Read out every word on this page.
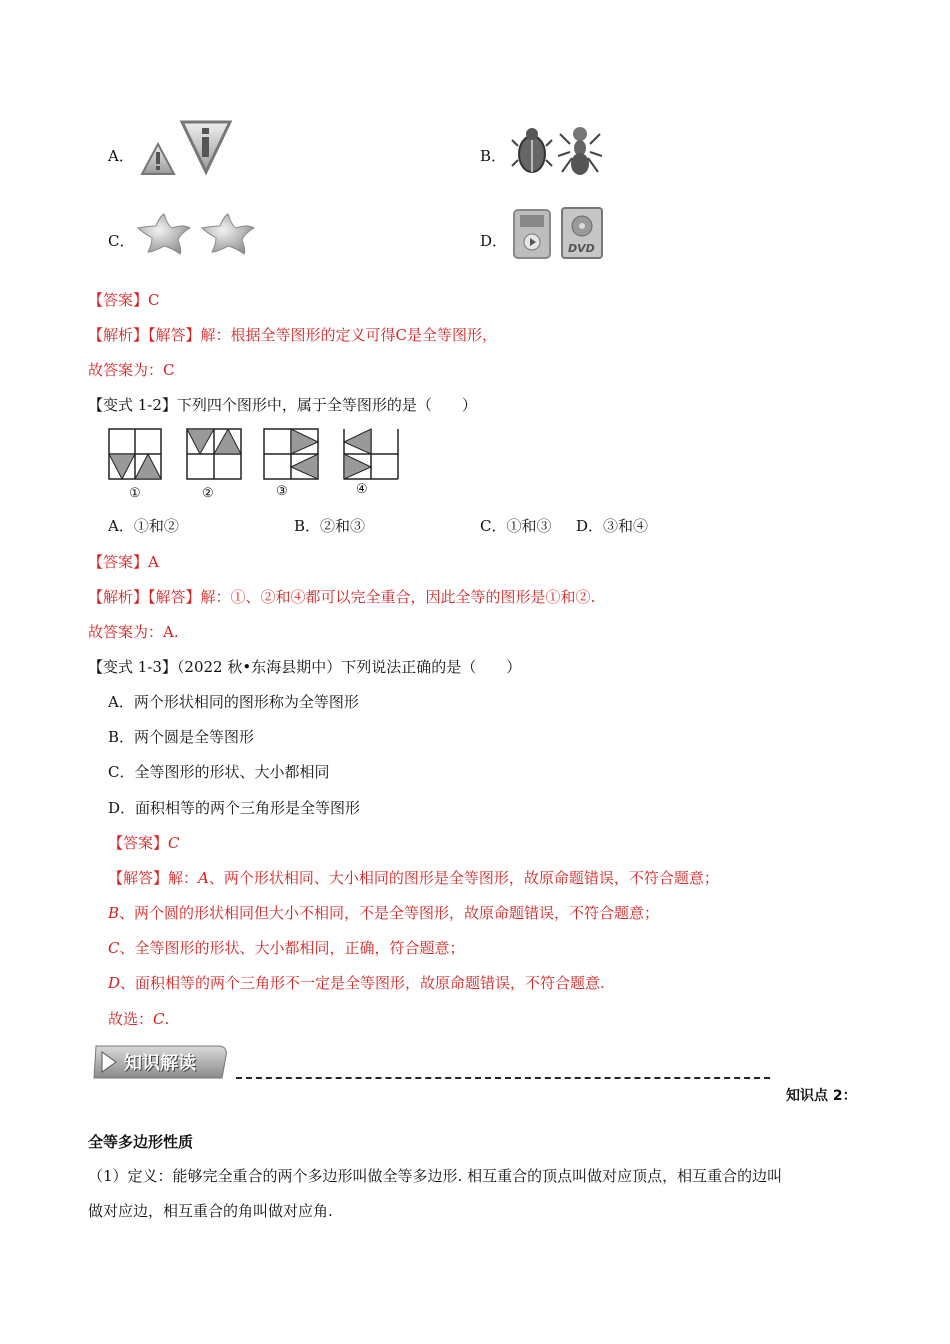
A．	B．
C．	D．	DVD
【答案】C
【解析】【解答】解：根据全等图形的定义可得C是全等图形，
故答案为：C
【变式 1-2】下列四个图形中，属于全等图形的是（　　）
①	②	③	④
A．①和②	B．②和③	C．①和③ D．③和④
【答案】A
【解析】【解答】解：①、②和④都可以完全重合，因此全等的图形是①和②.
故答案为：A.
【变式 1-3】（2022 秋•东海县期中）下列说法正确的是（　　）
A．两个形状相同的图形称为全等图形
B．两个圆是全等图形
C．全等图形的形状、大小都相同
D．面积相等的两个三角形是全等图形
【答案】C
【解答】解：A、两个形状相同、大小相同的图形是全等图形，故原命题错误，不符合题意；
B、两个圆的形状相同但大小不相同，不是全等图形，故原命题错误，不符合题意；
C、全等图形的形状、大小都相同，正确，符合题意；
D、面积相等的两个三角形不一定是全等图形，故原命题错误，不符合题意.
故选：C.
知识解读
知识点 2：
全等多边形性质
（1）定义：能够完全重合的两个多边形叫做全等多边形. 相互重合的顶点叫做对应顶点，相互重合的边叫
做对应边，相互重合的角叫做对应角.
